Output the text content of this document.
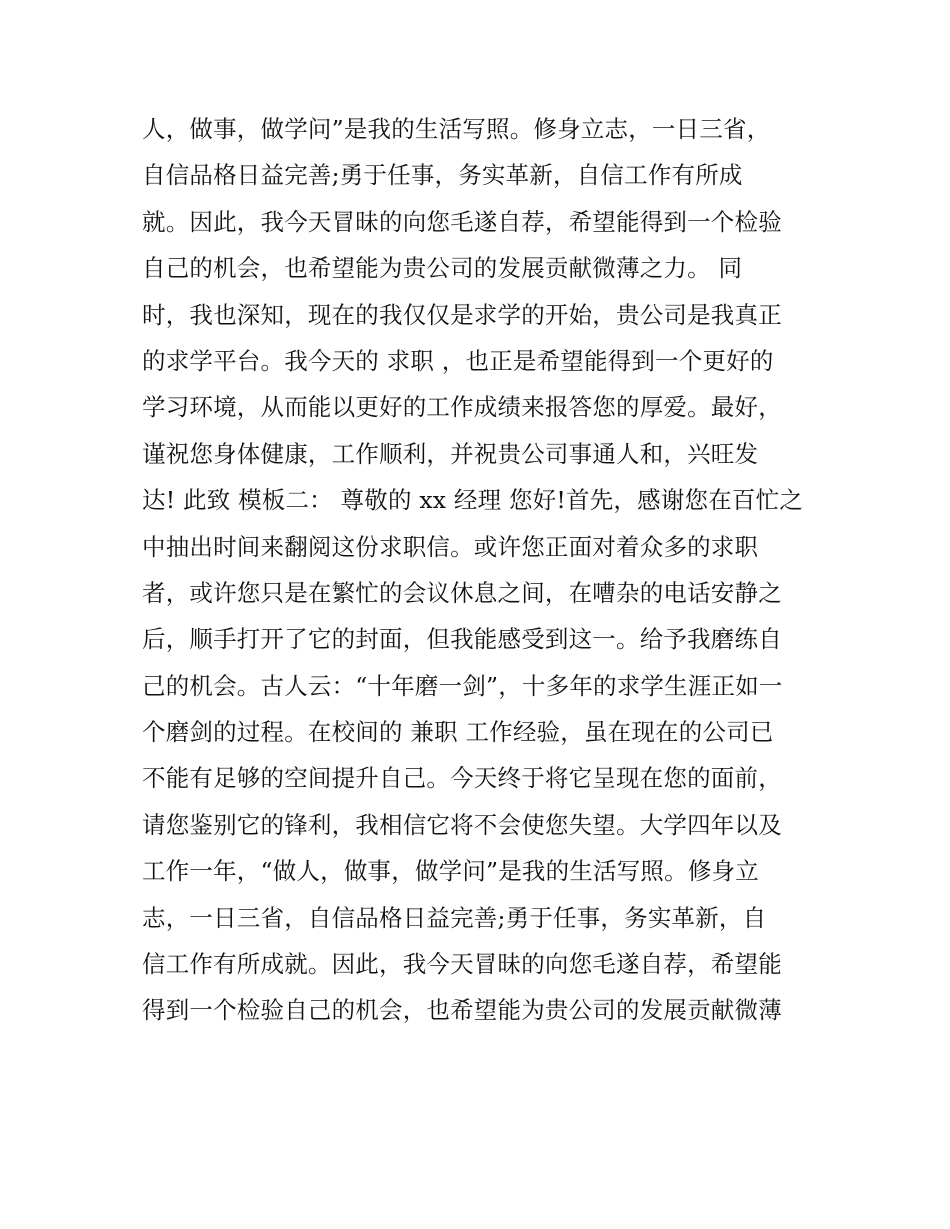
人，做事，做学问”是我的生活写照。修身立志，一日三省，
自信品格日益完善;勇于任事，务实革新，自信工作有所成
就。因此，我今天冒昧的向您毛遂自荐，希望能得到一个检验
自己的机会，也希望能为贵公司的发展贡献微薄之力。 同
时，我也深知，现在的我仅仅是求学的开始，贵公司是我真正
的求学平台。我今天的 求职 ，也正是希望能得到一个更好的
学习环境，从而能以更好的工作成绩来报答您的厚爱。最好，
谨祝您身体健康，工作顺利，并祝贵公司事通人和，兴旺发
达! 此致 模板二： 尊敬的 xx 经理 您好!首先，感谢您在百忙之
中抽出时间来翻阅这份求职信。或许您正面对着众多的求职
者，或许您只是在繁忙的会议休息之间，在嘈杂的电话安静之
后，顺手打开了它的封面，但我能感受到这一。给予我磨练自
己的机会。古人云：“十年磨一剑”，十多年的求学生涯正如一
个磨剑的过程。在校间的 兼职 工作经验，虽在现在的公司已
不能有足够的空间提升自己。今天终于将它呈现在您的面前，
请您鉴别它的锋利，我相信它将不会使您失望。大学四年以及
工作一年，“做人，做事，做学问”是我的生活写照。修身立
志，一日三省，自信品格日益完善;勇于任事，务实革新，自
信工作有所成就。因此，我今天冒昧的向您毛遂自荐，希望能
得到一个检验自己的机会，也希望能为贵公司的发展贡献微薄
